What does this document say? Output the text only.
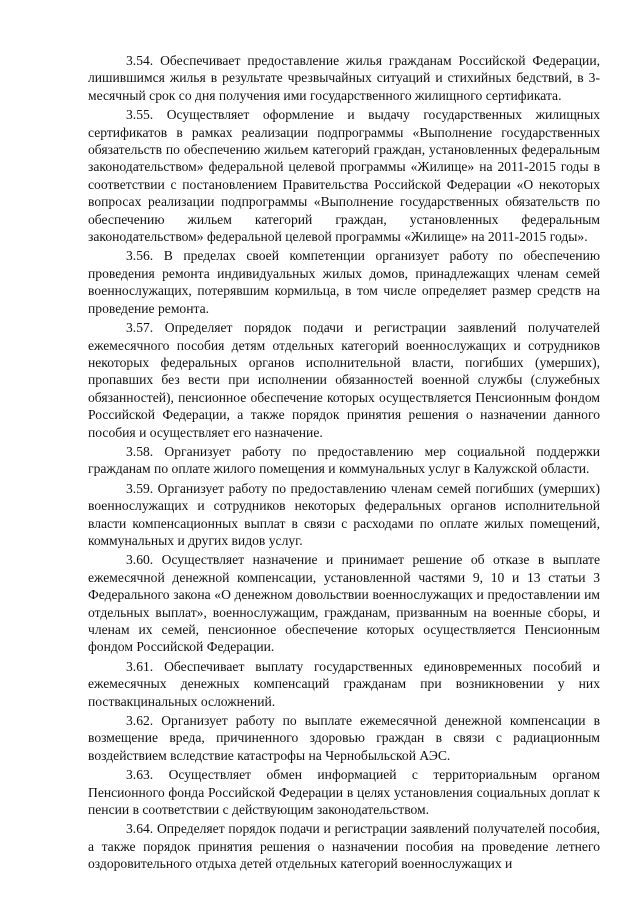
3.54. Обеспечивает предоставление жилья гражданам Российской Федерации, лишившимся жилья в результате чрезвычайных ситуаций и стихийных бедствий, в 3-месячный срок со дня получения ими государственного жилищного сертификата.

3.55. Осуществляет оформление и выдачу государственных жилищных сертификатов в рамках реализации подпрограммы «Выполнение государственных обязательств по обеспечению жильем категорий граждан, установленных федеральным законодательством» федеральной целевой программы «Жилище» на 2011-2015 годы в соответствии с постановлением Правительства Российской Федерации «О некоторых вопросах реализации подпрограммы «Выполнение государственных обязательств по обеспечению жильем категорий граждан, установленных федеральным законодательством» федеральной целевой программы «Жилище» на 2011-2015 годы».

3.56. В пределах своей компетенции организует работу по обеспечению проведения ремонта индивидуальных жилых домов, принадлежащих членам семей военнослужащих, потерявшим кормильца, в том числе определяет размер средств на проведение ремонта.

3.57. Определяет порядок подачи и регистрации заявлений получателей ежемесячного пособия детям отдельных категорий военнослужащих и сотрудников некоторых федеральных органов исполнительной власти, погибших (умерших), пропавших без вести при исполнении обязанностей военной службы (служебных обязанностей), пенсионное обеспечение которых осуществляется Пенсионным фондом Российской Федерации, а также порядок принятия решения о назначении данного пособия и осуществляет его назначение.

3.58. Организует работу по предоставлению мер социальной поддержки гражданам по оплате жилого помещения и коммунальных услуг в Калужской области.

3.59. Организует работу по предоставлению членам семей погибших (умерших) военнослужащих и сотрудников некоторых федеральных органов исполнительной власти компенсационных выплат в связи с расходами по оплате жилых помещений, коммунальных и других видов услуг.

3.60. Осуществляет назначение и принимает решение об отказе в выплате ежемесячной денежной компенсации, установленной частями 9, 10 и 13 статьи 3 Федерального закона «О денежном довольствии военнослужащих и предоставлении им отдельных выплат», военнослужащим, гражданам, призванным на военные сборы, и членам их семей, пенсионное обеспечение которых осуществляется Пенсионным фондом Российской Федерации.

3.61. Обеспечивает выплату государственных единовременных пособий и ежемесячных денежных компенсаций гражданам при возникновении у них поствакцинальных осложнений.

3.62. Организует работу по выплате ежемесячной денежной компенсации в возмещение вреда, причиненного здоровью граждан в связи с радиационным воздействием вследствие катастрофы на Чернобыльской АЭС.

3.63. Осуществляет обмен информацией с территориальным органом Пенсионного фонда Российской Федерации в целях установления социальных доплат к пенсии в соответствии с действующим законодательством.

3.64. Определяет порядок подачи и регистрации заявлений получателей пособия, а также порядок принятия решения о назначении пособия на проведение летнего оздоровительного отдыха детей отдельных категорий военнослужащих и
